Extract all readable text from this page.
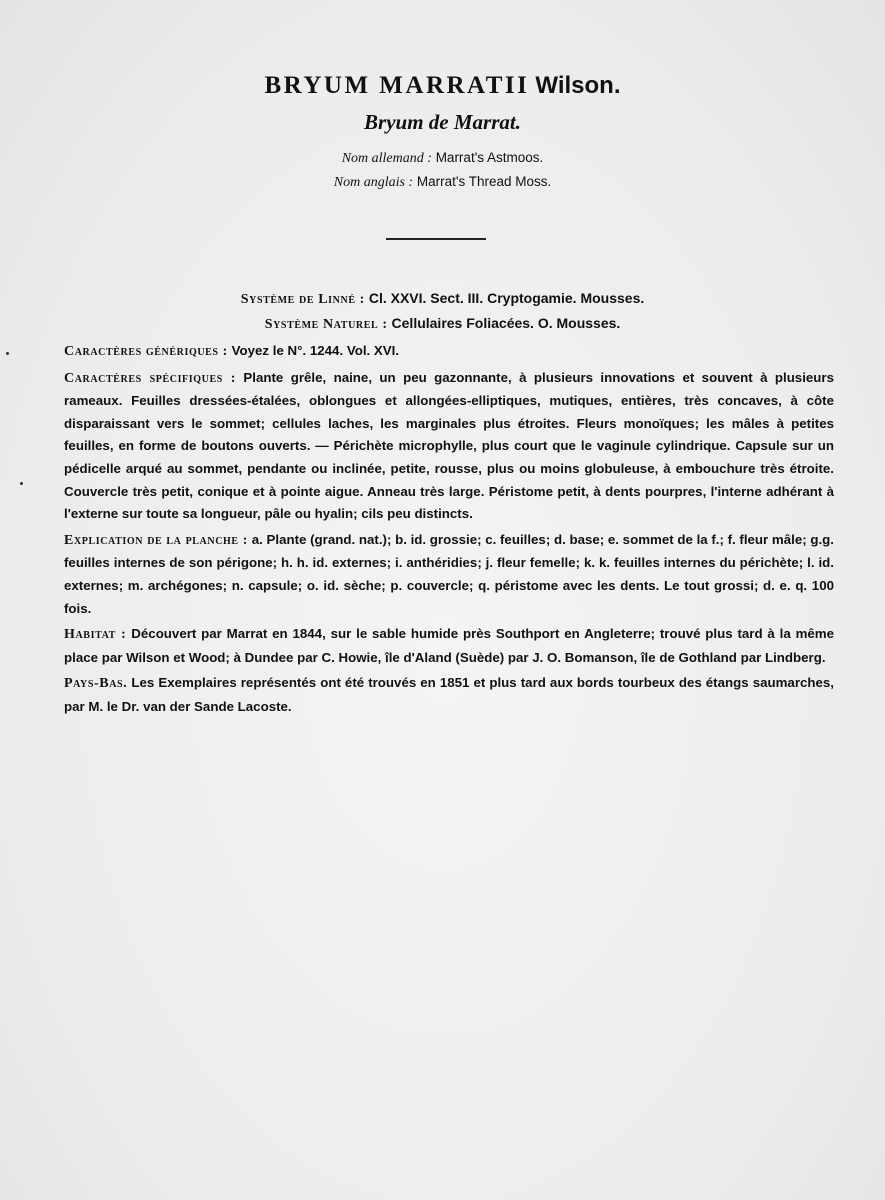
BRYUM MARRATII Wilson.
Bryum de Marrat.
Nom allemand : Marrat's Astmoos.
Nom anglais : Marrat's Thread Moss.
Système de Linné : Cl. XXVI. Sect. III. Cryptogamie. Mousses.
Système Naturel : Cellulaires Foliacées. O. Mousses.

Caractères génériques : Voyez le N°. 1244. Vol. XVI.

Caractères spécifiques : Plante grêle, naine, un peu gazonnante, à plusieurs innovations et souvent à plusieurs rameaux. Feuilles dressées-étalées, oblongues et allongées-elliptiques, mutiques, entières, très concaves, à côte disparaissant vers le sommet; cellules laches, les marginales plus étroites. Fleurs monoïques; les mâles à petites feuilles, en forme de boutons ouverts. — Périchète microphylle, plus court que le vaginule cylindrique. Capsule sur un pédicelle arqué au sommet, pendante ou inclinée, petite, rousse, plus ou moins globuleuse, à embouchure très étroite. Couvercle très petit, conique et à pointe aigue. Anneau très large. Péristome petit, à dents pourpres, l'interne adhérant à l'externe sur toute sa longueur, pâle ou hyalin; cils peu distincts.

Explication de la planche : a. Plante (grand. nat.); b. id. grossie; c. feuilles; d. base; e. sommet de la f.; f. fleur mâle; g.g. feuilles internes de son périgone; h. h. id. externes; i. anthéridies; j. fleur femelle; k. k. feuilles internes du périchète; l. id. externes; m. archégones; n. capsule; o. id. sèche; p. couvercle; q. péristome avec les dents. Le tout grossi; d. e. q. 100 fois.

Habitat : Découvert par Marrat en 1844, sur le sable humide près Southport en Angleterre; trouvé plus tard à la même place par Wilson et Wood; à Dundee par C. Howie, île d'Aland (Suède) par J. O. Bomanson, île de Gothland par Lindberg.

Pays-Bas. Les Exemplaires représentés ont été trouvés en 1851 et plus tard aux bords tourbeux des étangs saumarches, par M. le Dr. van der Sande Lacoste.
